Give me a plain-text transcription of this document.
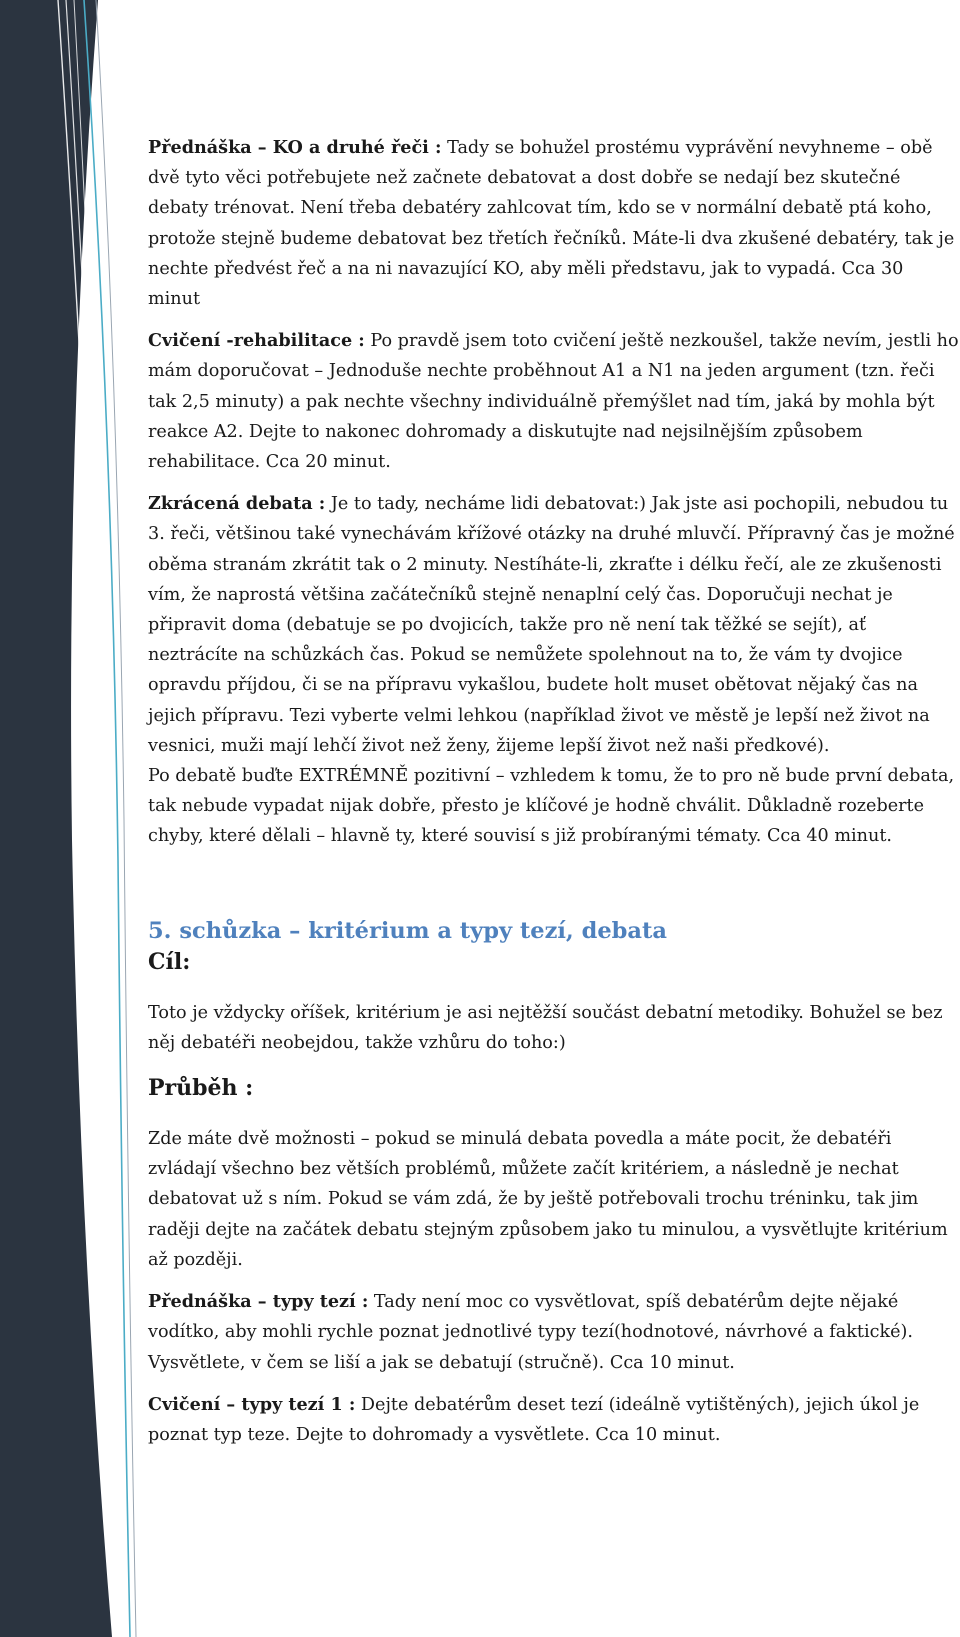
Přednáška – KO a druhé řeči : Tady se bohužel prostému vyprávění nevyhneme – obě dvě tyto věci potřebujete než začnete debatovat a dost dobře se nedají bez skutečné debaty trénovat. Není třeba debatéry zahlcovat tím, kdo se v normální debatě ptá koho, protože stejně budeme debatovat bez třetích řečníků. Máte-li dva zkušené debatéry, tak je nechte předvést řeč a na ni navazující KO, aby měli představu, jak to vypadá. Cca 30 minut

Cvičení -rehabilitace : Po pravdě jsem toto cvičení ještě nezkoušel, takže nevím, jestli ho mám doporučovat – Jednoduše nechte proběhnout A1 a N1 na jeden argument (tzn. řeči tak 2,5 minuty) a pak nechte všechny individuálně přemýšlet nad tím, jaká by mohla být reakce A2. Dejte to nakonec dohromady a diskutujte nad nejsilnějším způsobem rehabilitace. Cca 20 minut.

Zkrácená debata : Je to tady, necháme lidi debatovat:) Jak jste asi pochopili, nebudou tu 3. řeči, většinou také vynechávám křížové otázky na druhé mluvčí. Přípravný čas je možné oběma stranám zkrátit tak o 2 minuty. Nestíháte-li, zkraťte i délku řečí, ale ze zkušenosti vím, že naprostá většina začátečníků stejně nenaplní celý čas. Doporučuji nechat je připravit doma (debatuje se po dvojicích, takže pro ně není tak těžké se sejít), ať neztrácíte na schůzkách čas. Pokud se nemůžete spolehnout na to, že vám ty dvojice opravdu příjdou, či se na přípravu vykašlou, budete holt muset obětovat nějaký čas na jejich přípravu. Tezi vyberte velmi lehkou (například život ve městě je lepší než život na vesnici, muži mají lehčí život než ženy, žijeme lepší život než naši předkové).
Po debatě buďte EXTRÉMNĚ pozitivní – vzhledem k tomu, že to pro ně bude první debata, tak nebude vypadat nijak dobře, přesto je klíčové je hodně chválit. Důkladně rozeberte chyby, které dělali – hlavně ty, které souvisí s již probíranými tématy. Cca 40 minut.

5. schůzka – kritérium a typy tezí, debata
Cíl:

Toto je vždycky oříšek, kritérium je asi nejtěžší součást debatní metodiky. Bohužel se bez něj debatéři neobejdou, takže vzhůru do toho:)

Průběh :

Zde máte dvě možnosti – pokud se minulá debata povedla a máte pocit, že debatéři zvládají všechno bez větších problémů, můžete začít kritériem, a následně je nechat debatovat už s ním. Pokud se vám zdá, že by ještě potřebovali trochu tréninku, tak jim raději dejte na začátek debatu stejným způsobem jako tu minulou, a vysvětlujte kritérium až později.

Přednáška – typy tezí : Tady není moc co vysvětlovat, spíš debatérům dejte nějaké vodítko, aby mohli rychle poznat jednotlivé typy tezí(hodnotové, návrhové a faktické). Vysvětlete, v čem se liší a jak se debatují (stručně). Cca 10 minut.

Cvičení – typy tezí 1 : Dejte debatérům deset tezí (ideálně vytištěných), jejich úkol je poznat typ teze. Dejte to dohromady a vysvětlete. Cca 10 minut.
